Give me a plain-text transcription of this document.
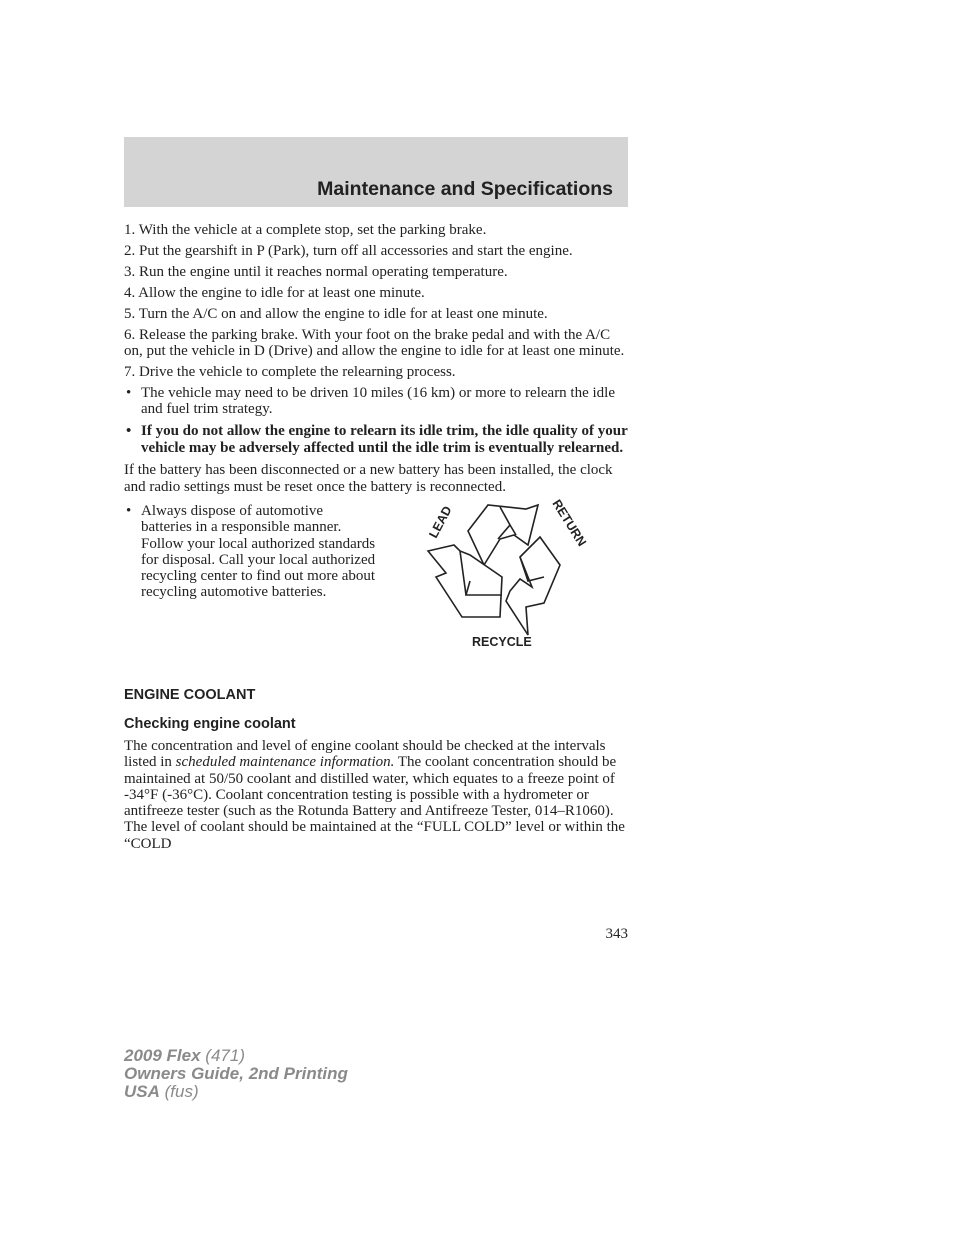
Maintenance and Specifications

1. With the vehicle at a complete stop, set the parking brake.

2. Put the gearshift in P (Park), turn off all accessories and start the engine.

3. Run the engine until it reaches normal operating temperature.

4. Allow the engine to idle for at least one minute.

5. Turn the A/C on and allow the engine to idle for at least one minute.

6. Release the parking brake. With your foot on the brake pedal and with the A/C on, put the vehicle in D (Drive) and allow the engine to idle for at least one minute.

7. Drive the vehicle to complete the relearning process.

• The vehicle may need to be driven 10 miles (16 km) or more to relearn the idle and fuel trim strategy.
• If you do not allow the engine to relearn its idle trim, the idle quality of your vehicle may be adversely affected until the idle trim is eventually relearned.

If the battery has been disconnected or a new battery has been installed, the clock and radio settings must be reset once the battery is reconnected.

• Always dispose of automotive batteries in a responsible manner. Follow your local authorized standards for disposal. Call your local authorized recycling center to find out more about recycling automotive batteries.
LEAD	RETURN
RECYCLE
ENGINE COOLANT
Checking engine coolant

The concentration and level of engine coolant should be checked at the intervals listed in scheduled maintenance information. The coolant concentration should be maintained at 50/50 coolant and distilled water, which equates to a freeze point of -34°F (-36°C). Coolant concentration testing is possible with a hydrometer or antifreeze tester (such as the Rotunda Battery and Antifreeze Tester, 014–R1060). The level of coolant should be maintained at the “FULL COLD” level or within the “COLD

343
2009 Flex (471)
Owners Guide, 2nd Printing
USA (fus)
